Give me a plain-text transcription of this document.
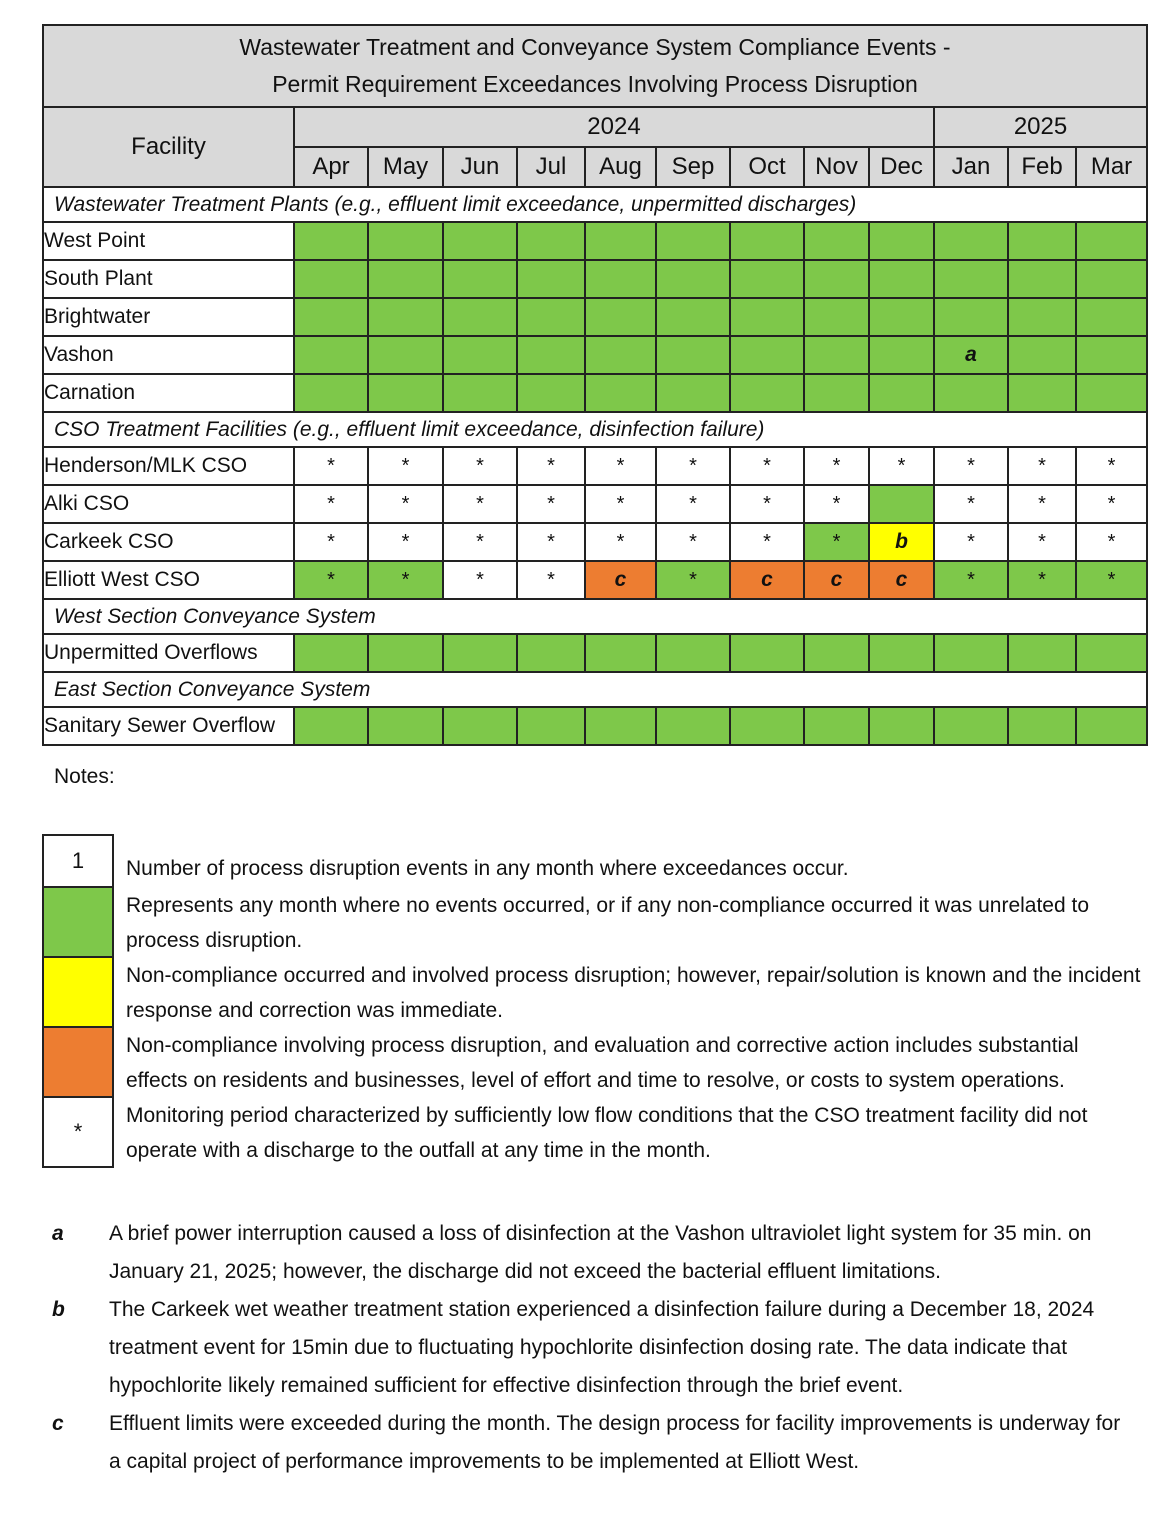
Wastewater Treatment and Conveyance System Compliance Events -
Permit Requirement Exceedances Involving Process Disruption												

Facility	2024									2025		
	Apr	May	Jun	Jul	Aug	Sep	Oct	Nov	Dec	Jan	Feb	Mar
Wastewater Treatment Plants (e.g., effluent limit exceedance, unpermitted discharges)												
West Point												
South Plant												
Brightwater												
Vashon										a		
Carnation												
CSO Treatment Facilities (e.g., effluent limit exceedance, disinfection failure)												
Henderson/MLK CSO	*	*	*	*	*	*	*	*	*	*	*	*
Alki CSO	*	*	*	*	*	*	*	*		*	*	*
Carkeek CSO	*	*	*	*	*	*	*	*	b	*	*	*
Elliott West CSO	*	*	*	*	c	*	c	c	c	*	*	*
West Section Conveyance System												
Unpermitted Overflows												
East Section Conveyance System												
Sanitary Sewer Overflow												
Notes:
1	Number of process disruption events in any month where exceedances occur.
Represents any month where no events occurred, or if any non-compliance occurred it was unrelated to process disruption.
Non-compliance occurred and involved process disruption; however, repair/solution is known and the incident response and correction was immediate.
Non-compliance involving process disruption, and evaluation and corrective action includes substantial effects on residents and businesses, level of effort and time to resolve, or costs to system operations.
*
Monitoring period characterized by sufficiently low flow conditions that the CSO treatment facility did not operate with a discharge to the outfall at any time in the month.
a	A brief power interruption caused a loss of disinfection at the Vashon ultraviolet light system for 35 min. on January 21, 2025; however, the discharge did not exceed the bacterial effluent limitations.
b	The Carkeek wet weather treatment station experienced a disinfection failure during a December 18, 2024 treatment event for 15min due to fluctuating hypochlorite disinfection dosing rate. The data indicate that hypochlorite likely remained sufficient for effective disinfection through the brief event.
c	Effluent limits were exceeded during the month. The design process for facility improvements is underway for a capital project of performance improvements to be implemented at Elliott West.
